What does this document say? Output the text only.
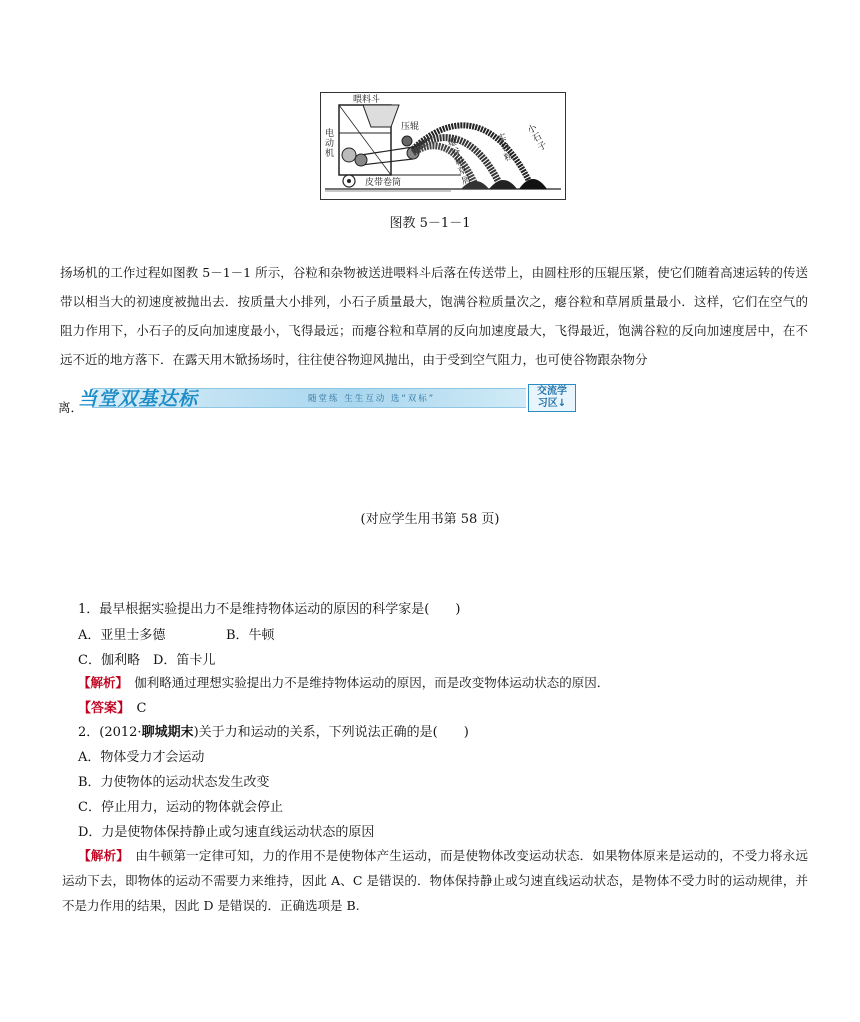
喂料斗
电动机
压辊
皮带卷筒
瘪谷和草屑
实谷粒
小石子
图教 5－1－1
扬场机的工作过程如图教 5－1－1 所示，谷粒和杂物被送进喂料斗后落在传送带上，由圆柱形的压辊压紧，使它们随着高速运转的传送带以相当大的初速度被抛出去．按质量大小排列，小石子质量最大，饱满谷粒质量次之，瘪谷粒和草屑质量最小．这样，它们在空气的阻力作用下，小石子的反向加速度最小，飞得最远；而瘪谷粒和草屑的反向加速度最大，飞得最近，饱满谷粒的反向加速度居中，在不远不近的地方落下．在露天用木锨扬场时，往往使谷物迎风抛出，由于受到空气阻力，也可使谷物跟杂物分
离．
当堂双基达标	随堂练 生生互动 选“双标”
交流学
习区↓
(对应学生用书第 58 页)
1．最早根据实验提出力不是维持物体运动的原因的科学家是(　　)
A．亚里士多德	B．牛顿
C．伽利略　D．笛卡儿
【解析】　伽利略通过理想实验提出力不是维持物体运动的原因，而是改变物体运动状态的原因．
【答案】　C
2．(2012·聊城期末)关于力和运动的关系，下列说法正确的是(　　)
A．物体受力才会运动
B．力使物体的运动状态发生改变
C．停止用力，运动的物体就会停止
D．力是使物体保持静止或匀速直线运动状态的原因
【解析】　由牛顿第一定律可知，力的作用不是使物体产生运动，而是使物体改变运动状态．如果物体原来是运动的，不受力将永远运动下去，即物体的运动不需要力来维持，因此 A、C 是错误的．物体保持静止或匀速直线运动状态，是物体不受力时的运动规律，并不是力作用的结果，因此 D 是错误的．正确选项是 B.
